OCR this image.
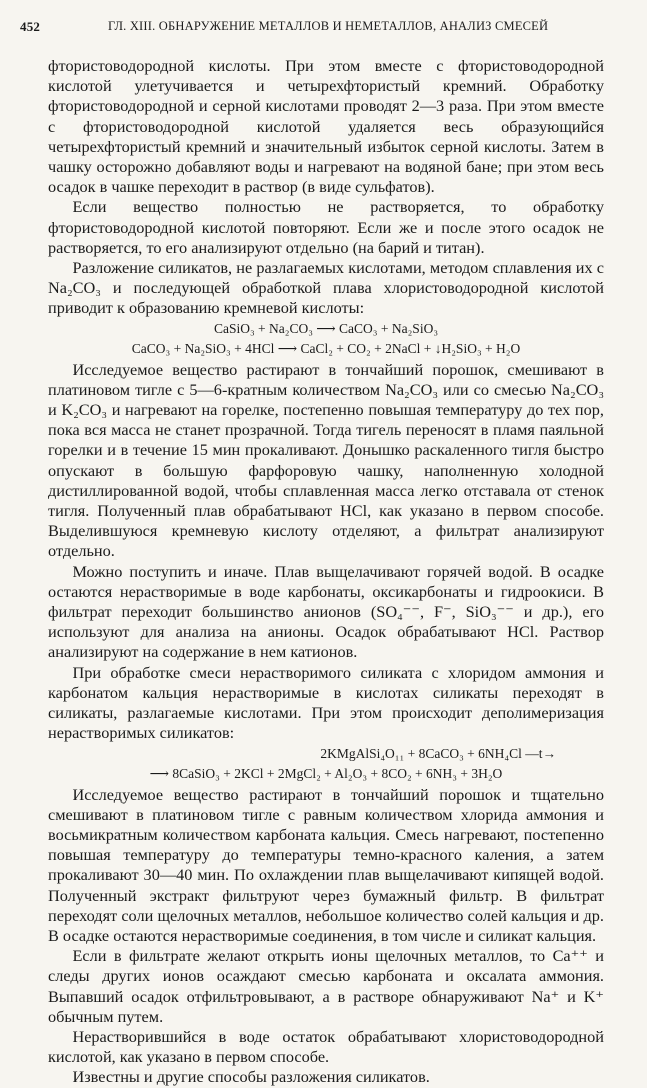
452	ГЛ. XIII. ОБНАРУЖЕНИЕ МЕТАЛЛОВ И НЕМЕТАЛЛОВ, АНАЛИЗ СМЕСЕЙ

фтористоводородной кислоты. При этом вместе с фтористоводородной кислотой улетучивается и четырехфтористый кремний. Обработку фтористоводородной и серной кислотами проводят 2—3 раза. При этом вместе с фтористоводородной кислотой удаляется весь образующийся четырехфтористый кремний и значительный избыток серной кислоты. Затем в чашку осторожно добавляют воды и нагревают на водяной бане; при этом весь осадок в чашке переходит в раствор (в виде сульфатов).

Если вещество полностью не растворяется, то обработку фтористоводородной кислотой повторяют. Если же и после этого осадок не растворяется, то его анализируют отдельно (на барий и титан).

Разложение силикатов, не разлагаемых кислотами, методом сплавления их с Na₂CO₃ и последующей обработкой плава хлористоводородной кислотой приводит к образованию кремневой кислоты:

CaSiO₃ + Na₂CO₃ ⟶ CaCO₃ + Na₂SiO₃
CaCO₃ + Na₂SiO₃ + 4HCl ⟶ CaCl₂ + CO₂ + 2NaCl + ↓H₂SiO₃ + H₂O

Исследуемое вещество растирают в тончайший порошок, смешивают в платиновом тигле с 5—6-кратным количеством Na₂CO₃ или со смесью Na₂CO₃ и K₂CO₃ и нагревают на горелке, постепенно повышая температуру до тех пор, пока вся масса не станет прозрачной. Тогда тигель переносят в пламя паяльной горелки и в течение 15 мин прокаливают. Донышко раскаленного тигля быстро опускают в большую фарфоровую чашку, наполненную холодной дистиллированной водой, чтобы сплавленная масса легко отставала от стенок тигля. Полученный плав обрабатывают HCl, как указано в первом способе. Выделившуюся кремневую кислоту отделяют, а фильтрат анализируют отдельно.

Можно поступить и иначе. Плав выщелачивают горячей водой. В осадке остаются нерастворимые в воде карбонаты, оксикарбонаты и гидроокиси. В фильтрат переходит большинство анионов (SO₄⁻⁻, F⁻, SiO₃⁻⁻ и др.), его используют для анализа на анионы. Осадок обрабатывают HCl. Раствор анализируют на содержание в нем катионов.

При обработке смеси нерастворимого силиката с хлоридом аммония и карбонатом кальция нерастворимые в кислотах силикаты переходят в силикаты, разлагаемые кислотами. При этом происходит деполимеризация нерастворимых силикатов:

2KMgAlSi₄O₁₁ + 8CaCO₃ + 6NH₄Cl —t→
⟶ 8CaSiO₃ + 2KCl + 2MgCl₂ + Al₂O₃ + 8CO₂ + 6NH₃ + 3H₂O

Исследуемое вещество растирают в тончайший порошок и тщательно смешивают в платиновом тигле с равным количеством хлорида аммония и восьмикратным количеством карбоната кальция. Смесь нагревают, постепенно повышая температуру до температуры темно-красного каления, а затем прокаливают 30—40 мин. По охлаждении плав выщелачивают кипящей водой. Полученный экстракт фильтруют через бумажный фильтр. В фильтрат переходят соли щелочных металлов, небольшое количество солей кальция и др. В осадке остаются нерастворимые соединения, в том числе и силикат кальция.

Если в фильтрате желают открыть ионы щелочных металлов, то Ca⁺⁺ и следы других ионов осаждают смесью карбоната и оксалата аммония. Выпавший осадок отфильтровывают, а в растворе обнаруживают Na⁺ и K⁺ обычным путем.

Нерастворившийся в воде остаток обрабатывают хлористоводородной кислотой, как указано в первом способе.

Известны и другие способы разложения силикатов.
